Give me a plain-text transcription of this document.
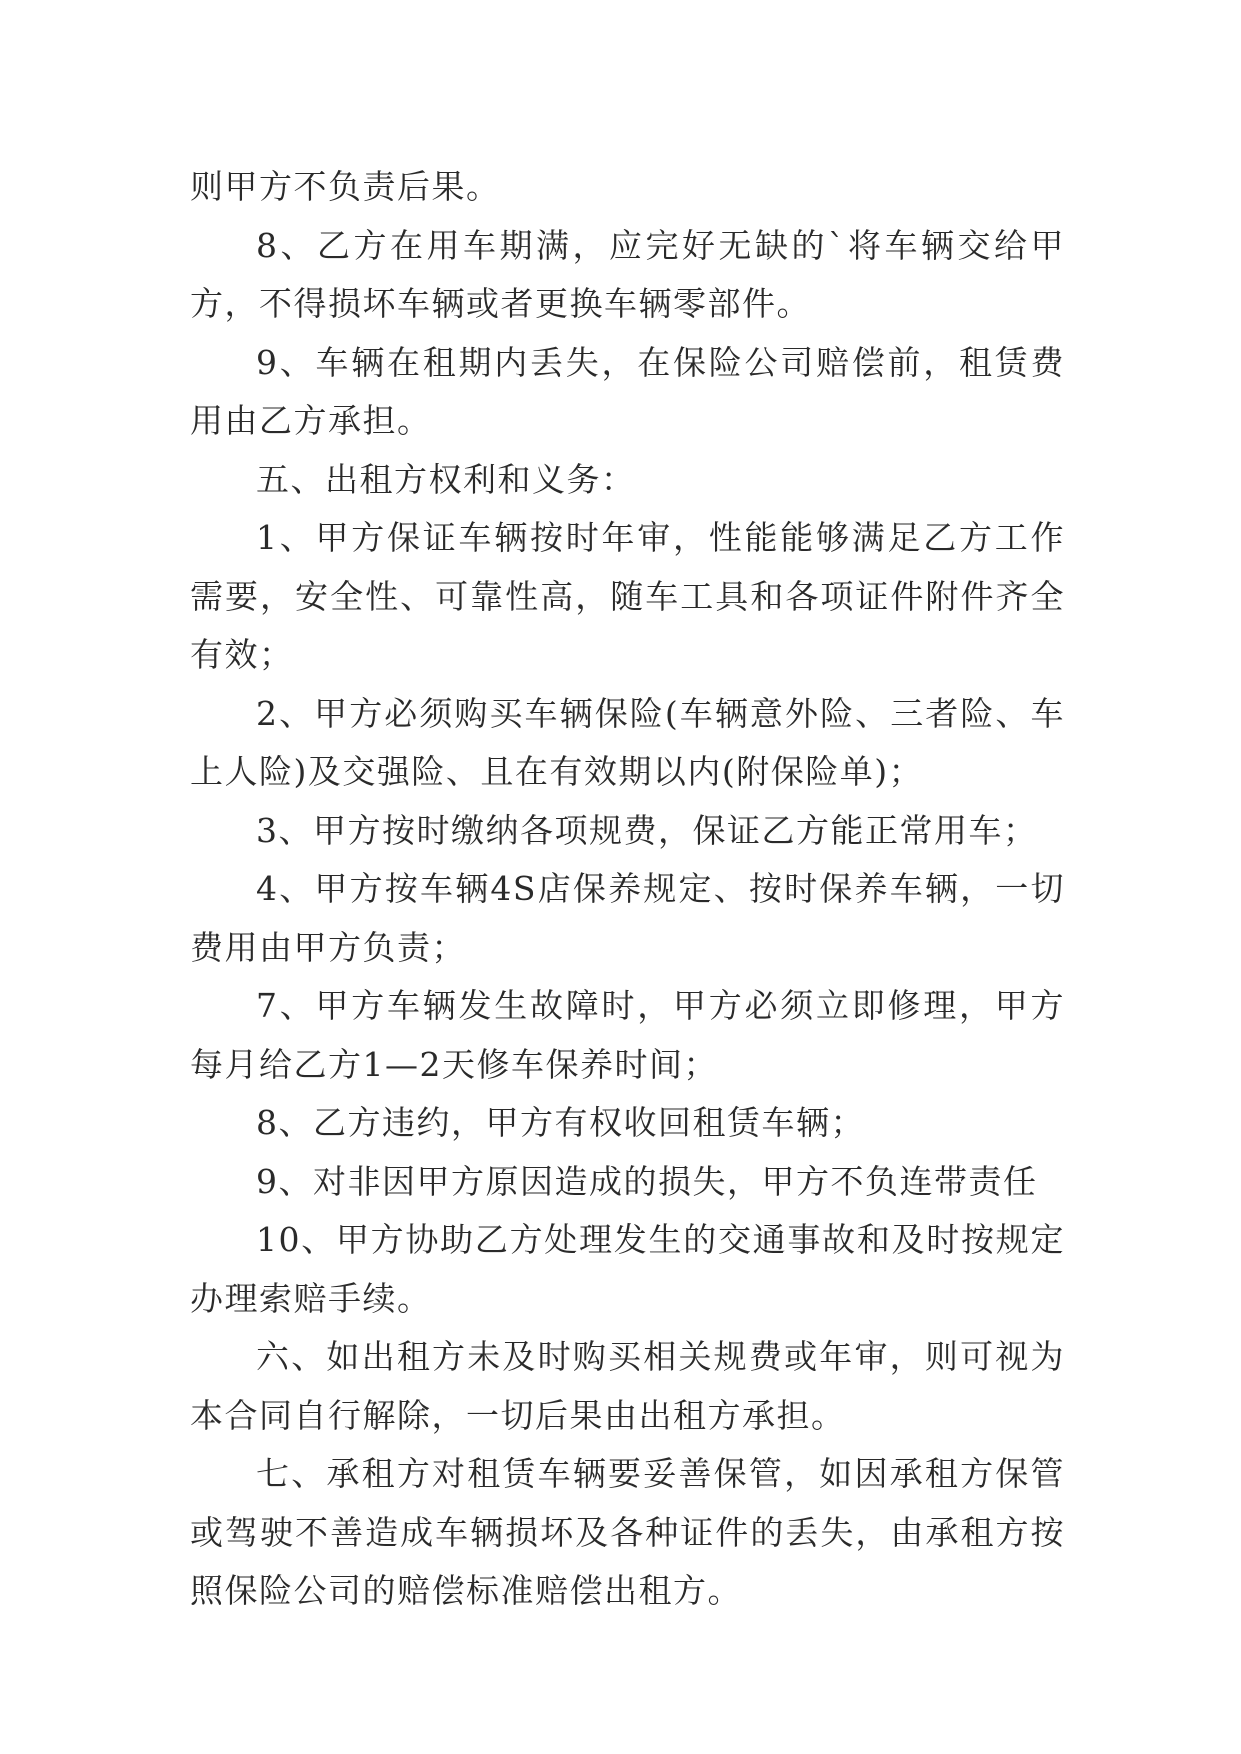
则甲方不负责后果。

8、乙方在用车期满，应完好无缺的`将车辆交给甲方，不得损坏车辆或者更换车辆零部件。

9、车辆在租期内丢失，在保险公司赔偿前，租赁费用由乙方承担。

五、出租方权利和义务：

1、甲方保证车辆按时年审，性能能够满足乙方工作需要，安全性、可靠性高，随车工具和各项证件附件齐全有效；

2、甲方必须购买车辆保险(车辆意外险、三者险、车上人险)及交强险、且在有效期以内(附保险单)；

3、甲方按时缴纳各项规费，保证乙方能正常用车；

4、甲方按车辆4S店保养规定、按时保养车辆，一切费用由甲方负责；

7、甲方车辆发生故障时，甲方必须立即修理，甲方每月给乙方1—2天修车保养时间；

8、乙方违约，甲方有权收回租赁车辆；

9、对非因甲方原因造成的损失，甲方不负连带责任

10、甲方协助乙方处理发生的交通事故和及时按规定办理索赔手续。

六、如出租方未及时购买相关规费或年审，则可视为本合同自行解除，一切后果由出租方承担。

七、承租方对租赁车辆要妥善保管，如因承租方保管或驾驶不善造成车辆损坏及各种证件的丢失，由承租方按照保险公司的赔偿标准赔偿出租方。
